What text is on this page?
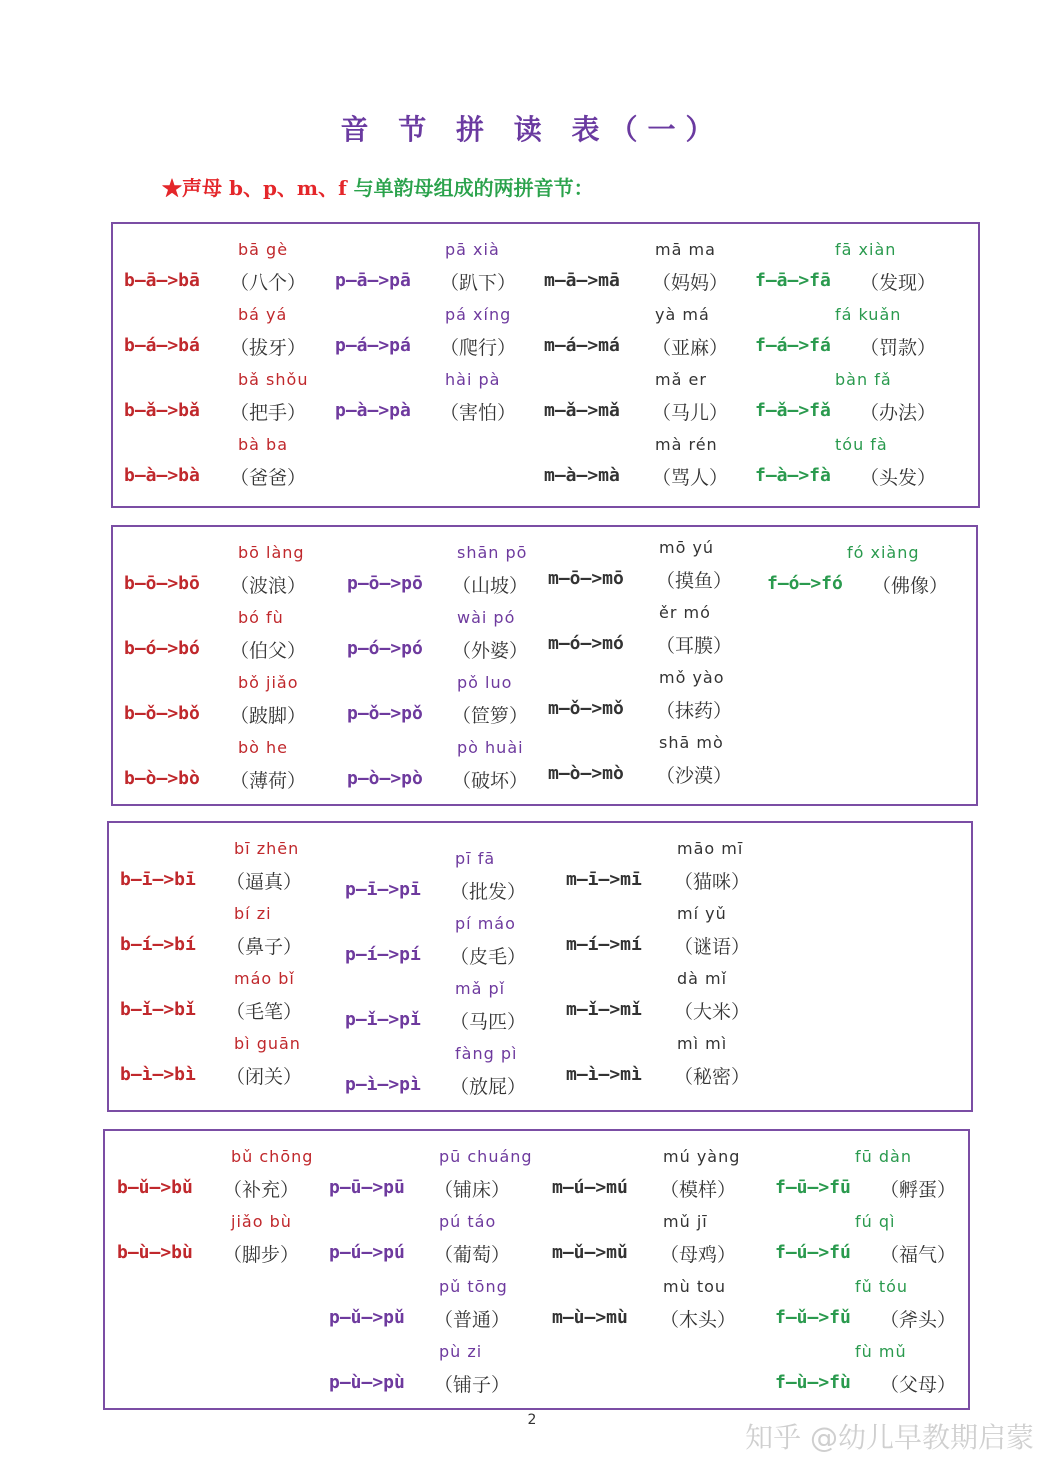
音 节 拼 读 表（一）
★声母 b、p、m、f 与单韵母组成的两拼音节：
bā gè
b—ā—>bā （八个）
bá yá
b—á—>bá （拔牙）
bǎ shǒu
b—ǎ—>bǎ （把手）
bà ba
b—à—>bà （爸爸）
pā xià
p—ā—>pā （趴下）
pá xíng
p—á—>pá （爬行）
hài pà
p—à—>pà （害怕）
mā ma
m—ā—>mā （妈妈）
yà má
m—á—>má （亚麻）
mǎ er
m—ǎ—>mǎ （马儿）
mà rén
m—à—>mà （骂人）
fā xiàn
f—ā—>fā （发现）
fá kuǎn
f—á—>fá （罚款）
bàn fǎ
f—ǎ—>fǎ （办法）
tóu fà
f—à—>fà （头发）
bō làng
b—ō—>bō （波浪）
bó fù
b—ó—>bó （伯父）
bǒ jiǎo
b—ǒ—>bǒ （跛脚）
bò he
b—ò—>bò （薄荷）
shān pō
p—ō—>pō （山坡）
wài pó
p—ó—>pó （外婆）
pǒ luo
p—ǒ—>pǒ （笸箩）
pò huài
p—ò—>pò （破坏）
mō yú
m—ō—>mō （摸鱼）
ěr mó
m—ó—>mó （耳膜）
mǒ yào
m—ǒ—>mǒ （抹药）
shā mò
m—ò—>mò （沙漠）
fó xiàng
f—ó—>fó （佛像）
bī zhēn
b—ī—>bī （逼真）
bí zi
b—í—>bí （鼻子）
máo bǐ
b—ǐ—>bǐ （毛笔）
bì guān
b—ì—>bì （闭关）
pī fā
p—ī—>pī （批发）
pí máo
p—í—>pí （皮毛）
mǎ pǐ
p—ǐ—>pǐ （马匹）
fàng pì
p—ì—>pì （放屁）
māo mī
m—ī—>mī （猫咪）
mí yǔ
m—í—>mí （谜语）
dà mǐ
m—ǐ—>mǐ （大米）
mì mì
m—ì—>mì （秘密）
bǔ chōng
b—ǔ—>bǔ （补充）
jiǎo bù
b—ù—>bù （脚步）
pū chuáng
p—ū—>pū （铺床）
pú táo
p—ú—>pú （葡萄）
pǔ tōng
p—ǔ—>pǔ （普通）
pù zi
p—ù—>pù （铺子）
mú yàng
m—ú—>mú （模样）
mǔ jī
m—ǔ—>mǔ （母鸡）
mù tou
m—ù—>mù （木头）
fū dàn
f—ū—>fū （孵蛋）
fú qì
f—ú—>fú （福气）
fǔ tóu
f—ǔ—>fǔ （斧头）
fù mǔ
f—ù—>fù （父母）
2
知乎 @幼儿早教期启蒙
